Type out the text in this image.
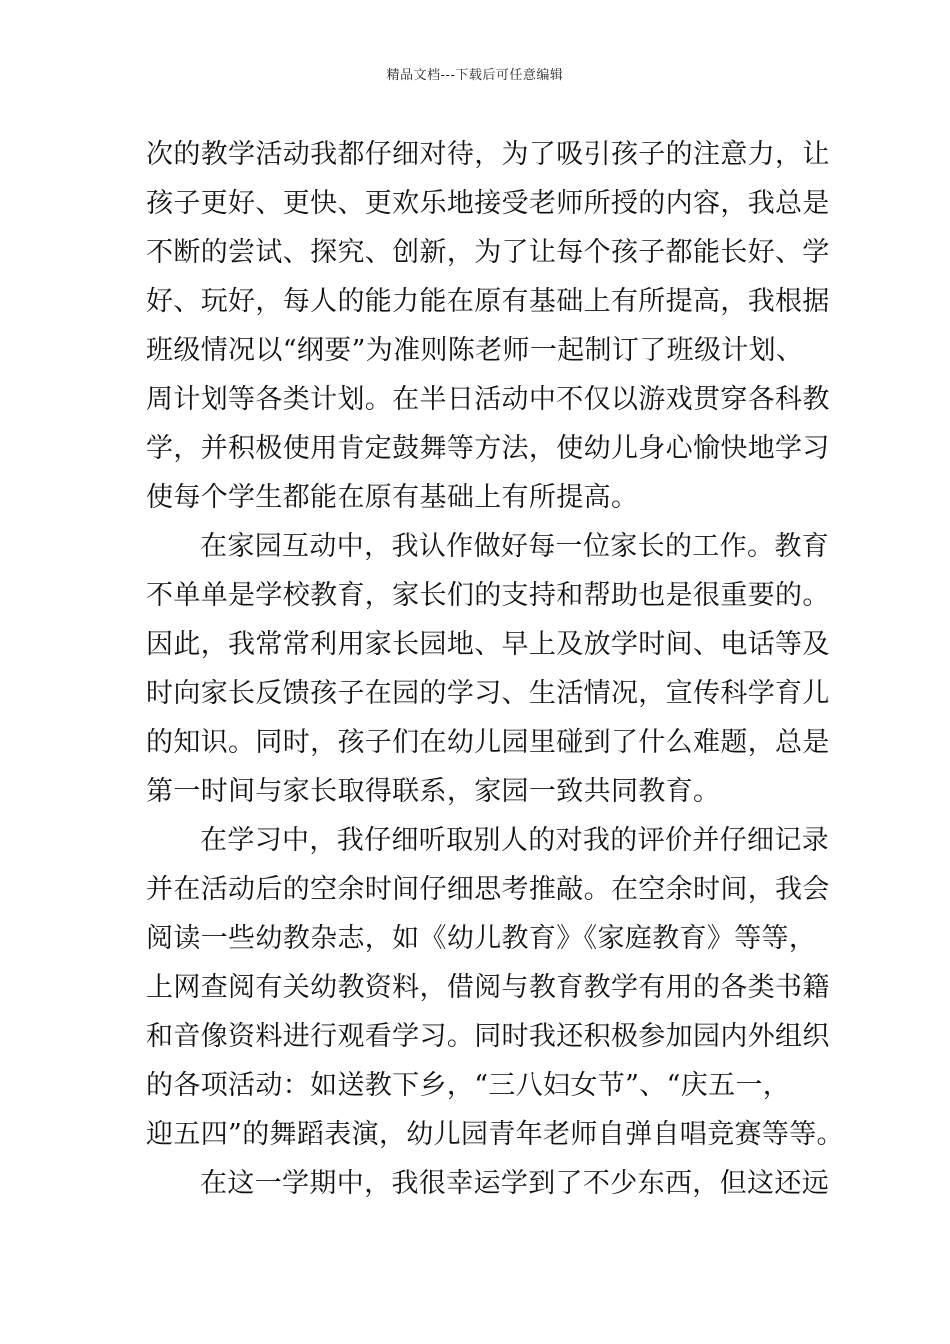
精品文档---下载后可任意编辑
次的教学活动我都仔细对待，为了吸引孩子的注意力，让
孩子更好、更快、更欢乐地接受老师所授的内容，我总是
不断的尝试、探究、创新，为了让每个孩子都能长好、学
好、玩好，每人的能力能在原有基础上有所提高，我根据
班级情况以“纲要”为准则陈老师一起制订了班级计划、
周计划等各类计划。在半日活动中不仅以游戏贯穿各科教
学，并积极使用肯定鼓舞等方法，使幼儿身心愉快地学习
使每个学生都能在原有基础上有所提高。
在家园互动中，我认作做好每一位家长的工作。教育
不单单是学校教育，家长们的支持和帮助也是很重要的。
因此，我常常利用家长园地、早上及放学时间、电话等及
时向家长反馈孩子在园的学习、生活情况，宣传科学育儿
的知识。同时，孩子们在幼儿园里碰到了什么难题，总是
第一时间与家长取得联系，家园一致共同教育。
在学习中，我仔细听取别人的对我的评价并仔细记录
并在活动后的空余时间仔细思考推敲。在空余时间，我会
阅读一些幼教杂志，如《幼儿教育》《家庭教育》等等，
上网查阅有关幼教资料，借阅与教育教学有用的各类书籍
和音像资料进行观看学习。同时我还积极参加园内外组织
的各项活动：如送教下乡，“三八妇女节”、“庆五一，
迎五四”的舞蹈表演，幼儿园青年老师自弹自唱竞赛等等。
在这一学期中，我很幸运学到了不少东西，但这还远
